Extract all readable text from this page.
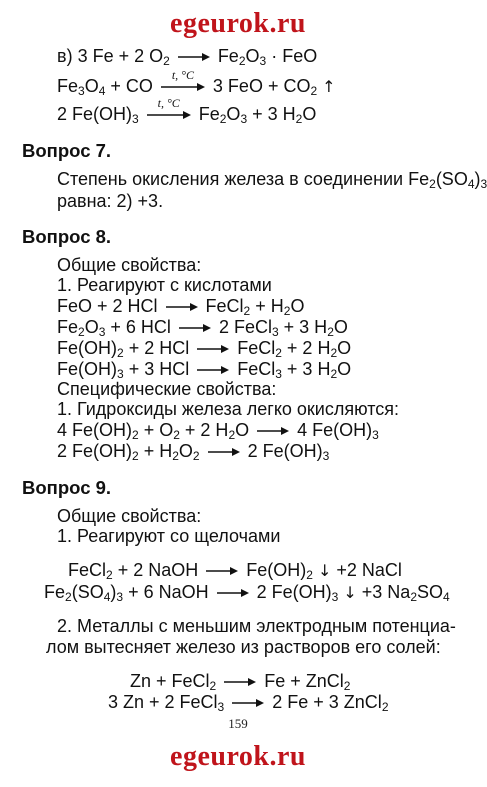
egeurok.ru
в) 3 Fe + 2 $O_2 \to Fe_2O_3$ · FeO
$Fe_3O_4$ + CO
t, °C
3 FeO + $CO_2$ ↑
2 $Fe(OH)_3$
t, °C
$Fe_2O_3 + 3$ $H_2O$
Вопрос 7.
Степень окисления железа в соединении $Fe_2(SO_4)_3$
равна: 2) +3.
Вопрос 8.
Общие свойства:
1. Реагируют с кислотами
FeO + 2 HCl → FeCl$_2$ + $H_2O$
$Fe_2O_3 + 6$ HCl → 2 FeCl$_3$ + 3 $H_2O$
$Fe(OH)_2 + 2$ HCl → FeCl$_2$ + 2 $H_2O$
$Fe(OH)_3 + 3$ HCl → FeCl$_3$ + 3 $H_2O$
Специфические свойства:
1. Гидроксиды железа легко окисляются:
4 $Fe(OH)_2 + O_2 + 2$ $H_2O \to 4$ $Fe(OH)_3$
2 $Fe(OH)_2 + H_2O_2 \to 2$ $Fe(OH)_3$
Вопрос 9.
Общие свойства:
1. Реагируют со щелочами
FeCl$_2$ + 2 NaOH → $Fe(OH)_2$ ↓ +2 NaCl
$Fe_2(SO_4)_3 + 6$ NaOH → 2 $Fe(OH)_3$ ↓ +3 $Na_2SO_4$
2. Металлы с меньшим электродным потенциа-
лом вытесняет железо из растворов его солей:
Zn + FeCl$_2$ → Fe + ZnCl$_2$
3 Zn + 2 FeCl$_3$ → 2 Fe + 3 ZnCl$_2$
159
egeurok.ru
